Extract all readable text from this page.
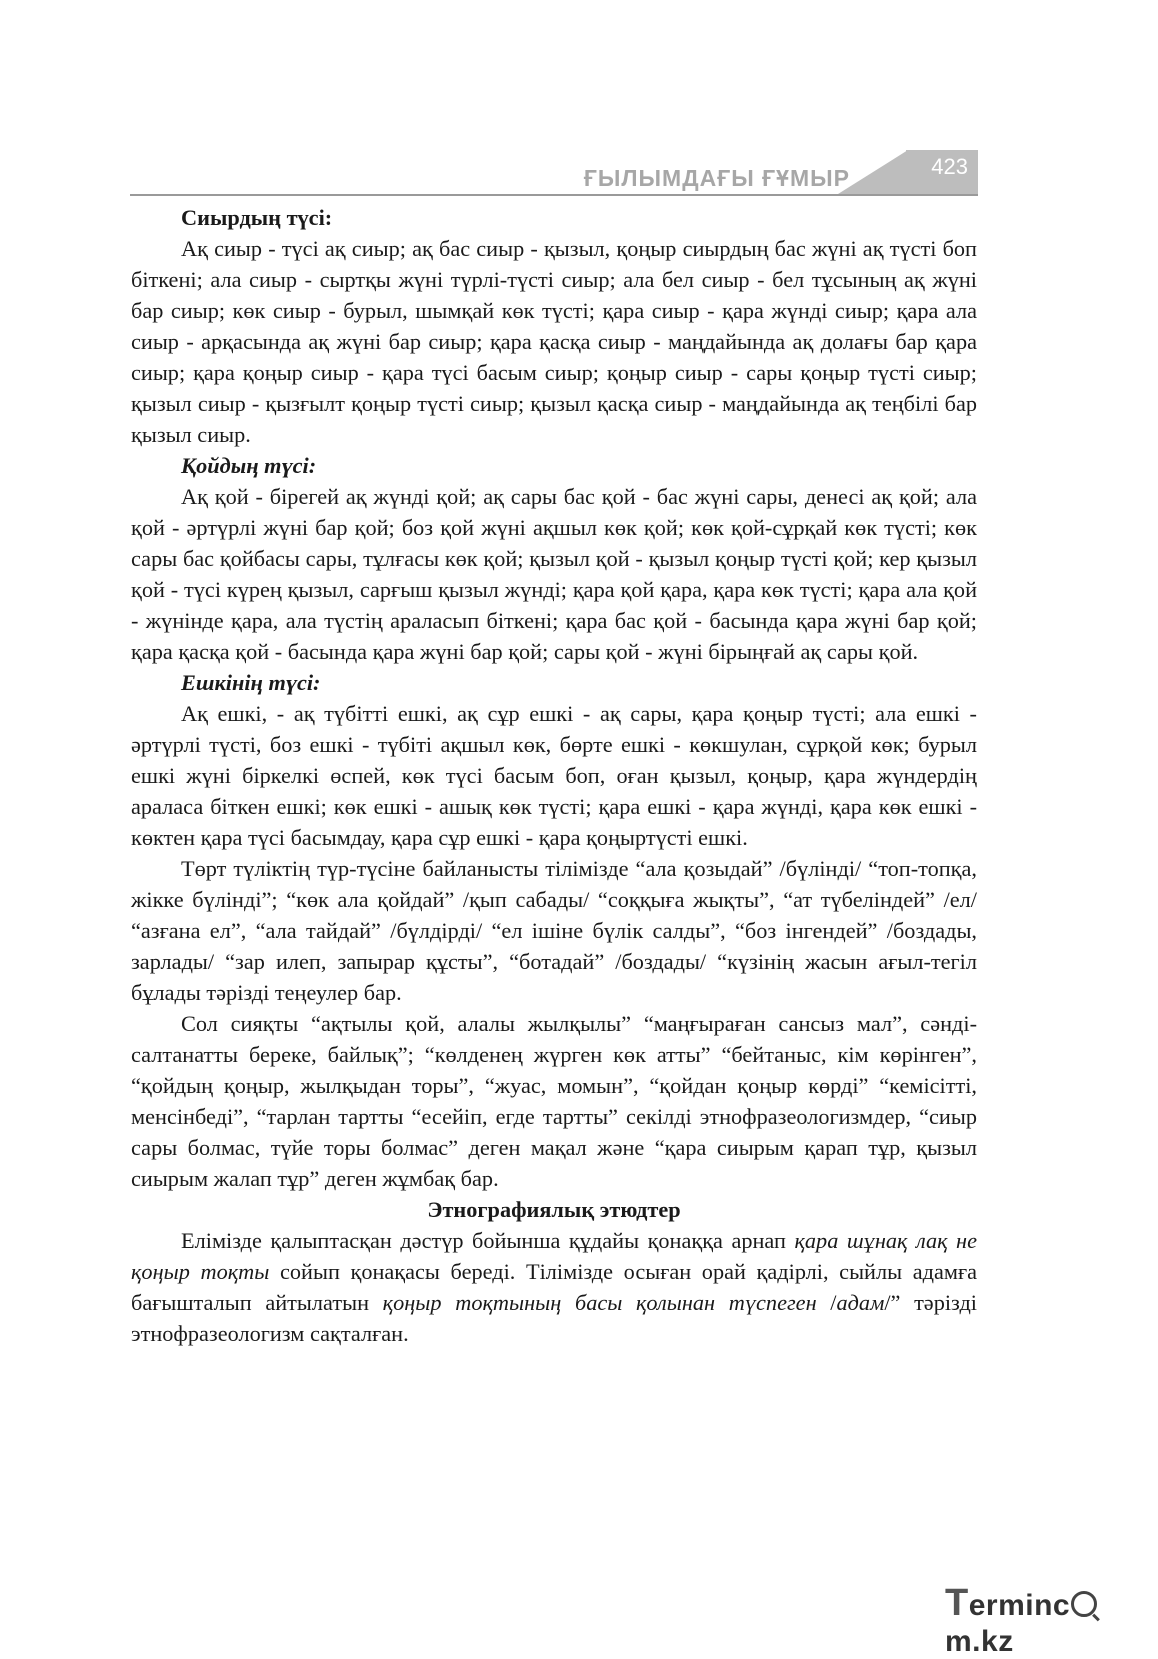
423
ҒЫЛЫМДАҒЫ ҒҰМЫР
Сиырдың түсі:

Ақ сиыр - түсі ақ сиыр; ақ бас сиыр - қызыл, қоңыр сиырдың бас жүні ақ түсті боп біткені; ала сиыр - сыртқы жүні түрлі-түсті сиыр; ала бел сиыр - бел тұсының ақ жүні бар сиыр; көк сиыр - бурыл, шымқай көк түсті; қара сиыр - қара жүнді сиыр; қара ала сиыр - арқасында ақ жүні бар сиыр; қара қасқа сиыр - маңдайында ақ долағы бар қара сиыр; қара қоңыр сиыр - қара түсі басым сиыр; қоңыр сиыр - сары қоңыр түсті сиыр; қызыл сиыр - қызғылт қоңыр түсті сиыр; қызыл қасқа сиыр - маңдайында ақ теңбілі бар қызыл сиыр.

Қойдың түсі:

Ақ қой - бірегей ақ жүнді қой; ақ сары бас қой - бас жүні сары, денесі ақ қой; ала қой - әртүрлі жүні бар қой; боз қой жүні ақшыл көк қой; көк қой-сұрқай көк түсті; көк сары бас қойбасы сары, тұлғасы көк қой; қызыл қой - қызыл қоңыр түсті қой; кер қызыл қой - түсі күрең қызыл, сарғыш қызыл жүнді; қара қой қара, қара көк түсті; қара ала қой - жүнінде қара, ала түстің араласып біткені; қара бас қой - басында қара жүні бар қой; қара қасқа қой - басында қара жүні бар қой; сары қой - жүні бірыңғай ақ сары қой.

Ешкінің түсі:

Ақ ешкі, - ақ түбітті ешкі, ақ сұр ешкі - ақ сары, қара қоңыр түсті; ала ешкі - әртүрлі түсті, боз ешкі - түбіті ақшыл көк, бөрте ешкі - көкшулан, сұрқой көк; бурыл ешкі жүні біркелкі өспей, көк түсі басым боп, оған қызыл, қоңыр, қара жүндердің араласа біткен ешкі; көк ешкі - ашық көк түсті; қара ешкі - қара жүнді, қара көк ешкі - көктен қара түсі басымдау, қара сұр ешкі - қара қоңыртүсті ешкі.

Төрт түліктің түр-түсіне байланысты тілімізде “ала қозыдай” /бүлінді/ “топ-топқа, жікке бүлінді”; “көк ала қойдай” /қып сабады/ “соққыға жықты”, “ат түбеліндей” /ел/ “азғана ел”, “ала тайдай” /бүлдірді/ “ел ішіне бүлік салды”, “боз інгендей” /боздады, зарлады/ “зар илеп, запырар құсты”, “ботадай” /боздады/ “күзінің жасын ағыл-тегіл бұлады тәрізді теңеулер бар.

Сол сияқты “ақтылы қой, алалы жылқылы” “маңғыраған сансыз мал”, сәнді-салтанатты береке, байлық”; “көлденең жүрген көк атты” “бейтаныс, кім көрінген”, “қойдың қоңыр, жылқыдан торы”, “жуас, момын”, “қойдан қоңыр көрді” “кемісітті, менсінбеді”, “тарлан тартты “есейіп, егде тартты” секілді этнофразеологизмдер, “сиыр сары болмас, түйе торы болмас” деген мақал және “қара сиырым қарап тұр, қызыл сиырым жалап тұр” деген жұмбақ бар.

Этнографиялық этюдтер

Елімізде қалыптасқан дәстүр бойынша құдайы қонаққа арнап қара шұнақ лақ не қоңыр тоқты сойып қонақасы береді. Тілімізде осыған орай қадірлі, сыйлы адамға бағышталып айтылатын қоңыр тоқтының басы қолынан түспеген /адам/” тәрізді этнофразеологизм сақталған.

Termincm.kz
